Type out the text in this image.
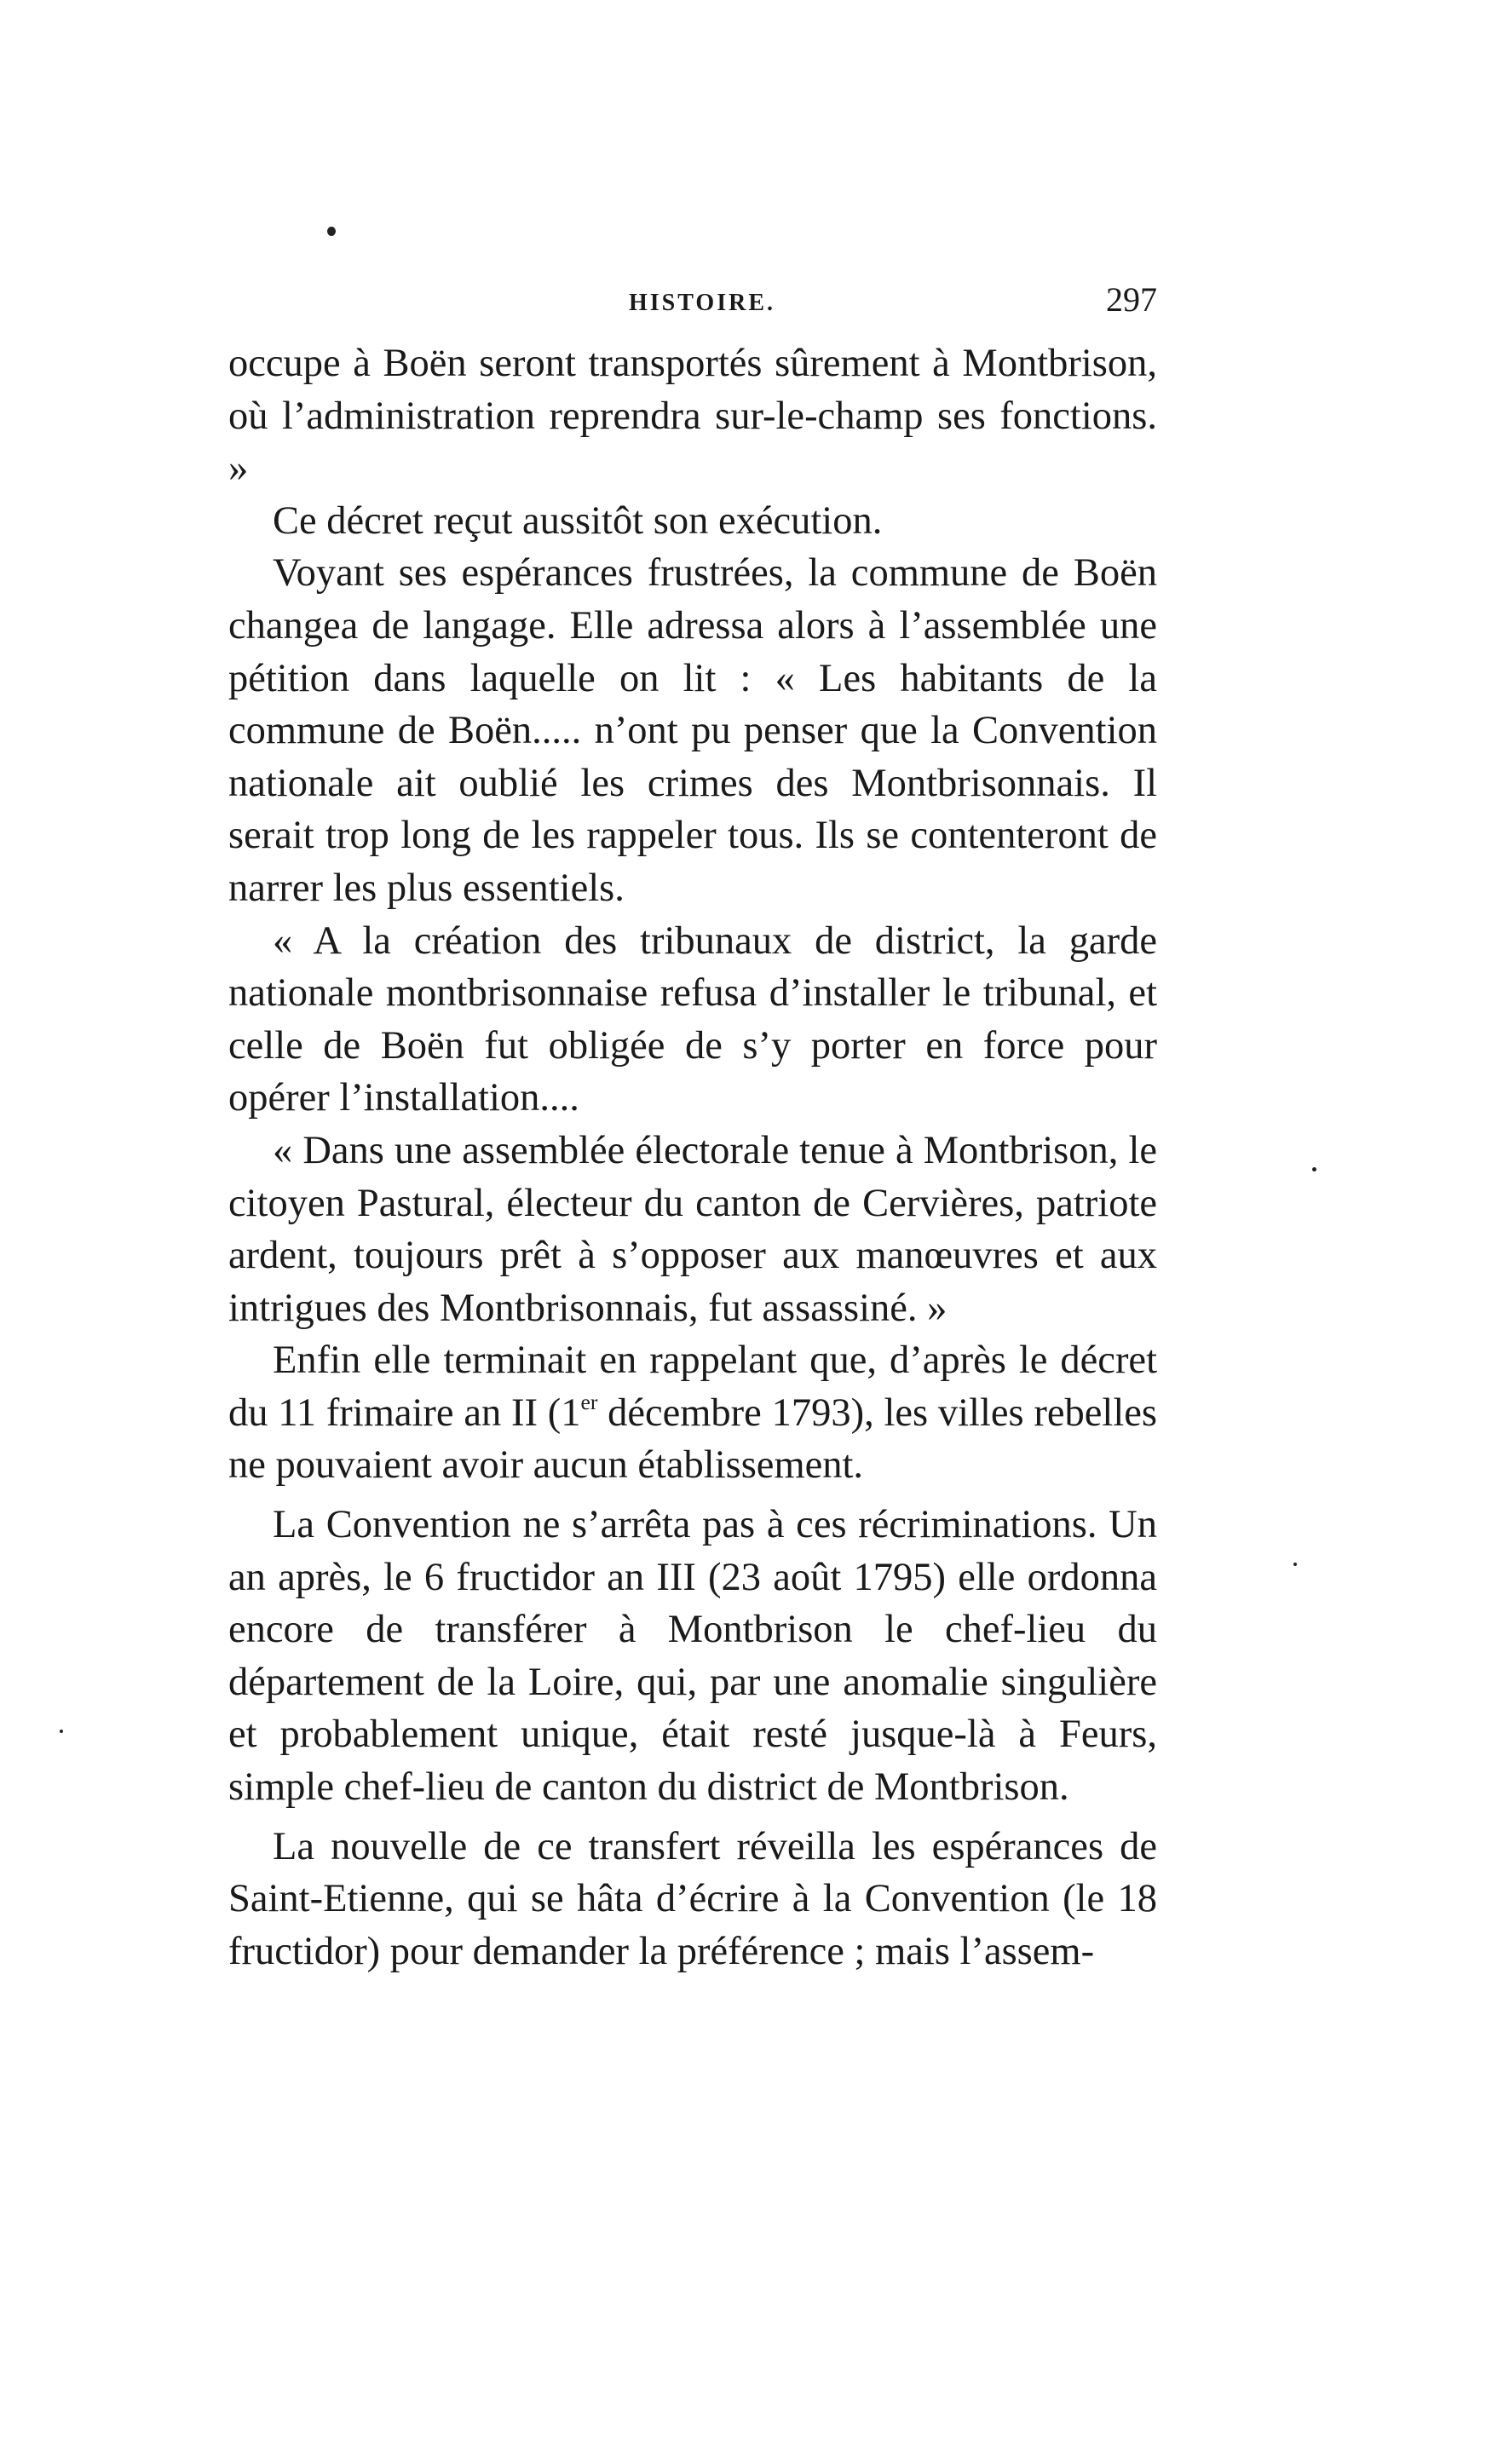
HISTOIRE.	297

occupe à Boën seront transportés sûrement à Montbrison, où l’administration reprendra sur-le-champ ses fonctions. »

Ce décret reçut aussitôt son exécution.

Voyant ses espérances frustrées, la commune de Boën changea de langage. Elle adressa alors à l’assemblée une pétition dans laquelle on lit : « Les habitants de la commune de Boën..... n’ont pu penser que la Convention nationale ait oublié les crimes des Montbrisonnais. Il serait trop long de les rappeler tous. Ils se contenteront de narrer les plus essentiels.

« A la création des tribunaux de district, la garde nationale montbrisonnaise refusa d’installer le tribunal, et celle de Boën fut obligée de s’y porter en force pour opérer l’installation....

« Dans une assemblée électorale tenue à Montbrison, le citoyen Pastural, électeur du canton de Cervières, patriote ardent, toujours prêt à s’opposer aux manœuvres et aux intrigues des Montbrisonnais, fut assassiné. »

Enfin elle terminait en rappelant que, d’après le décret du 11 frimaire an II (1er décembre 1793), les villes rebelles ne pouvaient avoir aucun établissement.

La Convention ne s’arrêta pas à ces récriminations. Un an après, le 6 fructidor an III (23 août 1795) elle ordonna encore de transférer à Montbrison le chef-lieu du département de la Loire, qui, par une anomalie singulière et probablement unique, était resté jusque-là à Feurs, simple chef-lieu de canton du district de Montbrison.

La nouvelle de ce transfert réveilla les espérances de Saint-Etienne, qui se hâta d’écrire à la Convention (le 18 fructidor) pour demander la préférence ; mais l’assem-
